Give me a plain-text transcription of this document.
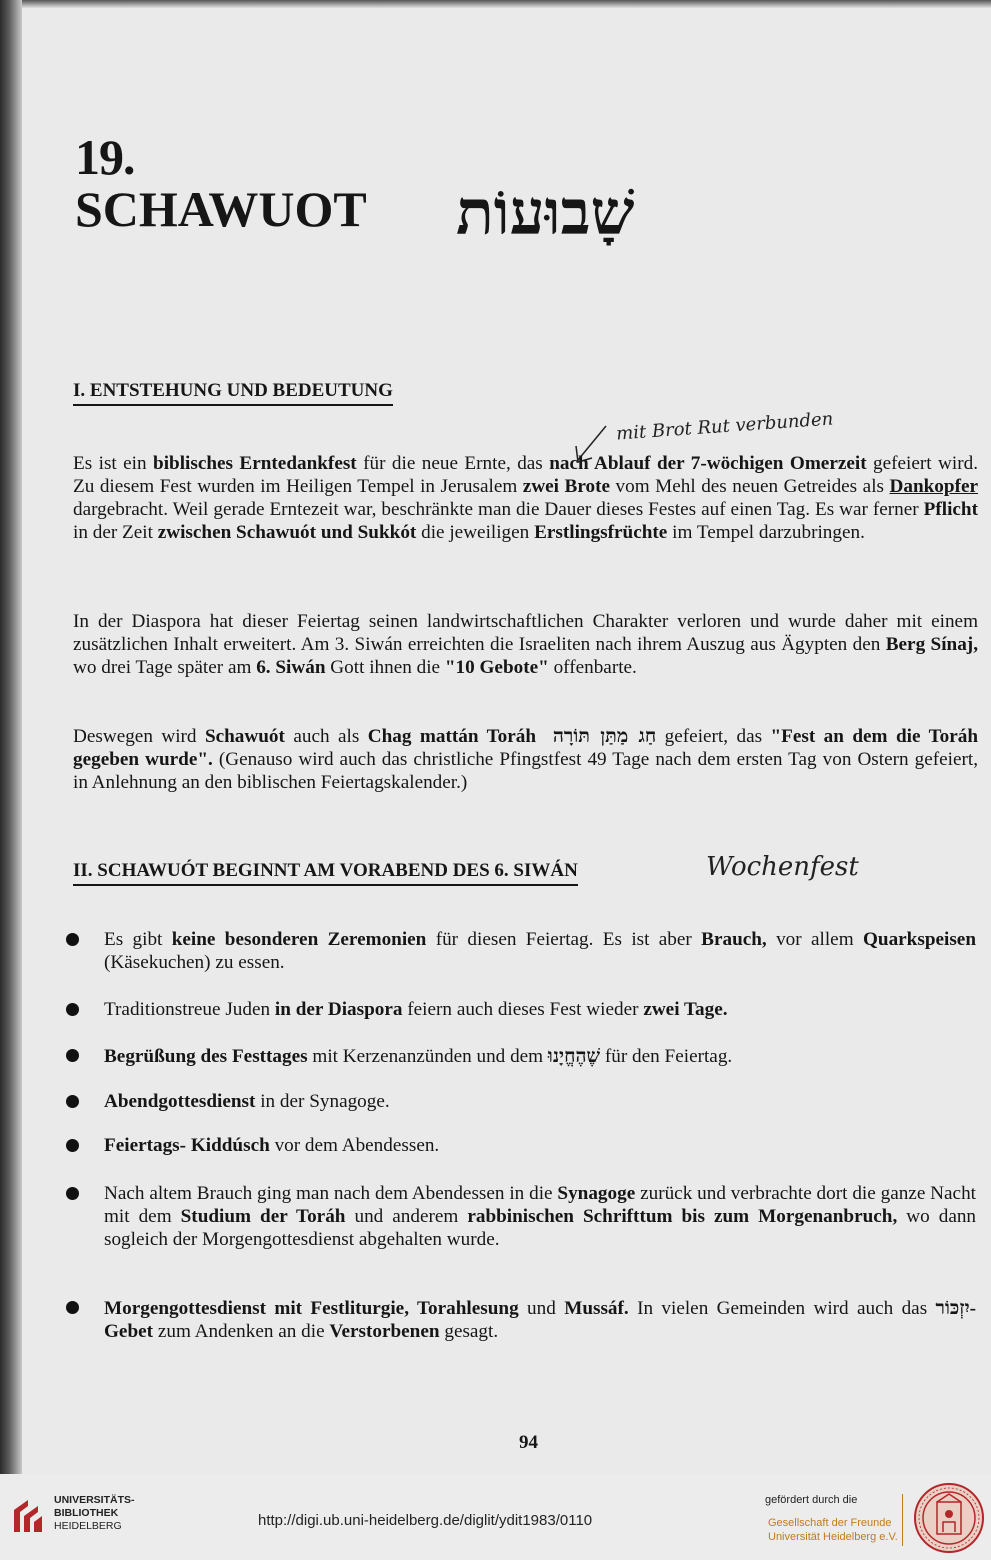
19.
SCHAWUOT שָׁבוּעוֹת
I. ENTSTEHUNG UND BEDEUTUNG
mit Brot Rut verbunden

Es ist ein biblisches Erntedankfest für die neue Ernte, das nach Ablauf der 7-wöchigen Omerzeit gefeiert wird. Zu diesem Fest wurden im Heiligen Tempel in Jerusalem zwei Brote vom Mehl des neuen Getreides als Dankopfer dargebracht. Weil gerade Erntezeit war, beschränkte man die Dauer dieses Festes auf einen Tag. Es war ferner Pflicht in der Zeit zwischen Schawuót und Sukkót die jeweiligen Erstlingsfrüchte im Tempel darzubringen.

In der Diaspora hat dieser Feiertag seinen landwirtschaftlichen Charakter verloren und wurde daher mit einem zusätzlichen Inhalt erweitert. Am 3. Siwán erreichten die Israeliten nach ihrem Auszug aus Ägypten den Berg Sínaj, wo drei Tage später am 6. Siwán Gott ihnen die "10 Gebote" offenbarte.

Deswegen wird Schawuót auch als Chag mattán Toráh חַג מַתַּן תּוֹרָה gefeiert, das "Fest an dem die Toráh gegeben wurde". (Genauso wird auch das christliche Pfingstfest 49 Tage nach dem ersten Tag von Ostern gefeiert, in Anlehnung an den biblischen Feiertagskalender.)

II. SCHAWUÓT BEGINNT AM VORABEND DES 6. SIWÁN	Wochenfest

Es gibt keine besonderen Zeremonien für diesen Feiertag. Es ist aber Brauch, vor allem Quarkspeisen (Käsekuchen) zu essen.

Traditionstreue Juden in der Diaspora feiern auch dieses Fest wieder zwei Tage.

Begrüßung des Festtages mit Kerzenanzünden und dem שֶׁהֶחֱיָנוּ für den Feiertag.

Abendgottesdienst in der Synagoge.

Feiertags- Kiddúsch vor dem Abendessen.

Nach altem Brauch ging man nach dem Abendessen in die Synagoge zurück und verbrachte dort die ganze Nacht mit dem Studium der Toráh und anderem rabbinischen Schrifttum bis zum Morgenanbruch, wo dann sogleich der Morgengottesdienst abgehalten wurde.

Morgengottesdienst mit Festliturgie, Torahlesung und Mussáf. In vielen Gemeinden wird auch das יִזְכּוֹר-Gebet zum Andenken an die Verstorbenen gesagt.

94
UNIVERSITÄTS-
BIBLIOTHEK
HEIDELBERG	http://digi.ub.uni-heidelberg.de/diglit/ydit1983/0110
gefördert durch die
Gesellschaft der Freunde
Universität Heidelberg e.V.
